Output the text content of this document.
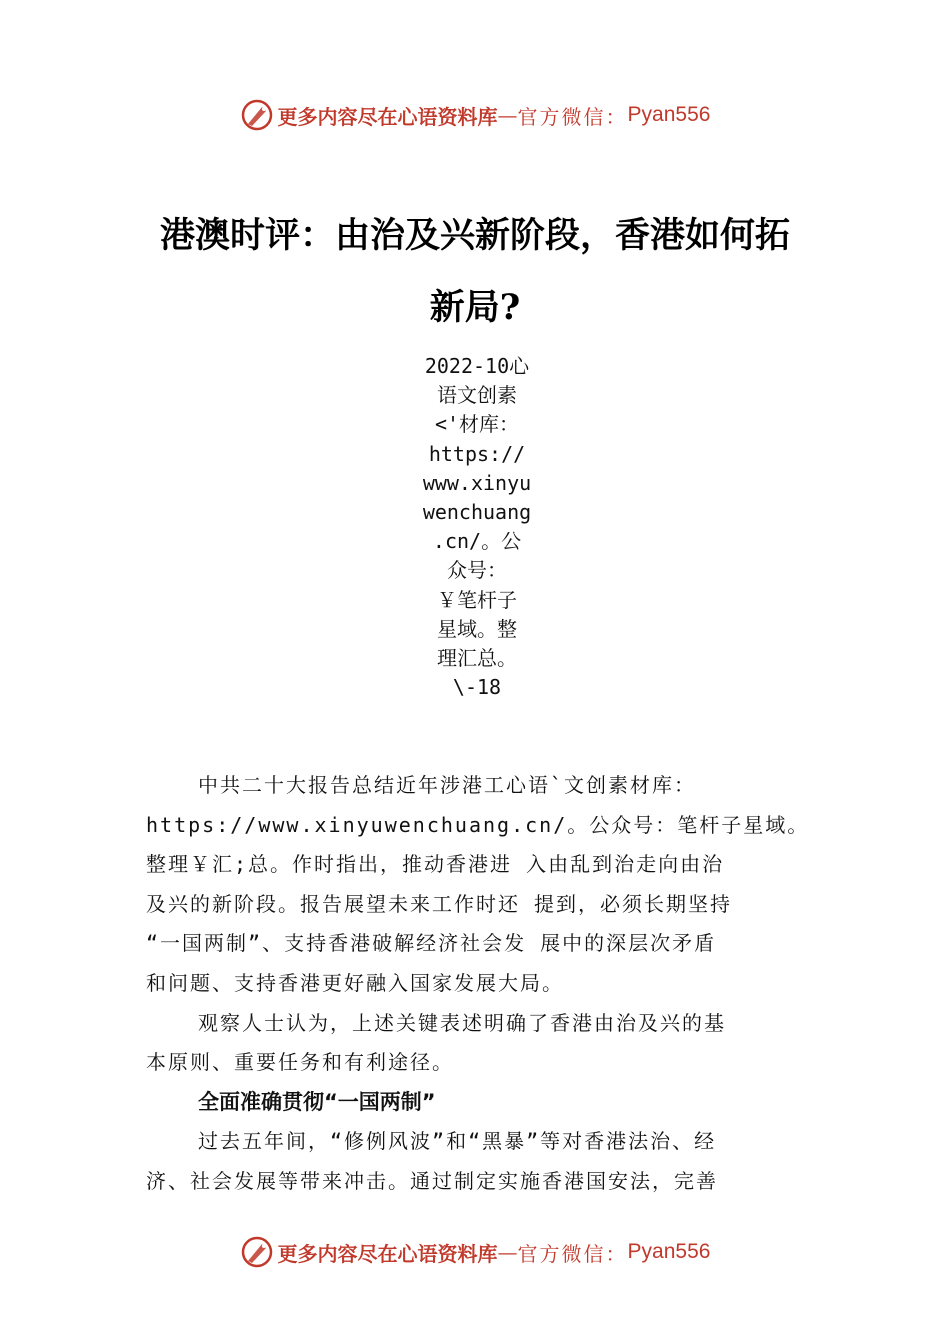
更多内容尽在心语资料库 — 官方微信： Pyan556
港澳时评：由治及兴新阶段，香港如何拓
新局?
2022-10心
语文创素
<'材库：
https://
www.xinyu
wenchuang
.cn/。公
众号：
￥笔杆子
星域。整
理汇总。
\-18

中共二十大报告总结近年涉港工心语`文创素材库：

https://www.xinyuwenchuang.cn/。公众号：笔杆子星域。

整理￥汇;总。作时指出，推动香港进 入由乱到治走向由治

及兴的新阶段。报告展望未来工作时还 提到，必须长期坚持

“一国两制”、支持香港破解经济社会发 展中的深层次矛盾

和问题、支持香港更好融入国家发展大局。

观察人士认为，上述关键表述明确了香港由治及兴的基

本原则、重要任务和有利途径。

全面准确贯彻“一国两制”

过去五年间，“修例风波”和“黑暴”等对香港法治、经

济、社会发展等带来冲击。通过制定实施香港国安法，完善

更多内容尽在心语资料库 — 官方微信： Pyan556
